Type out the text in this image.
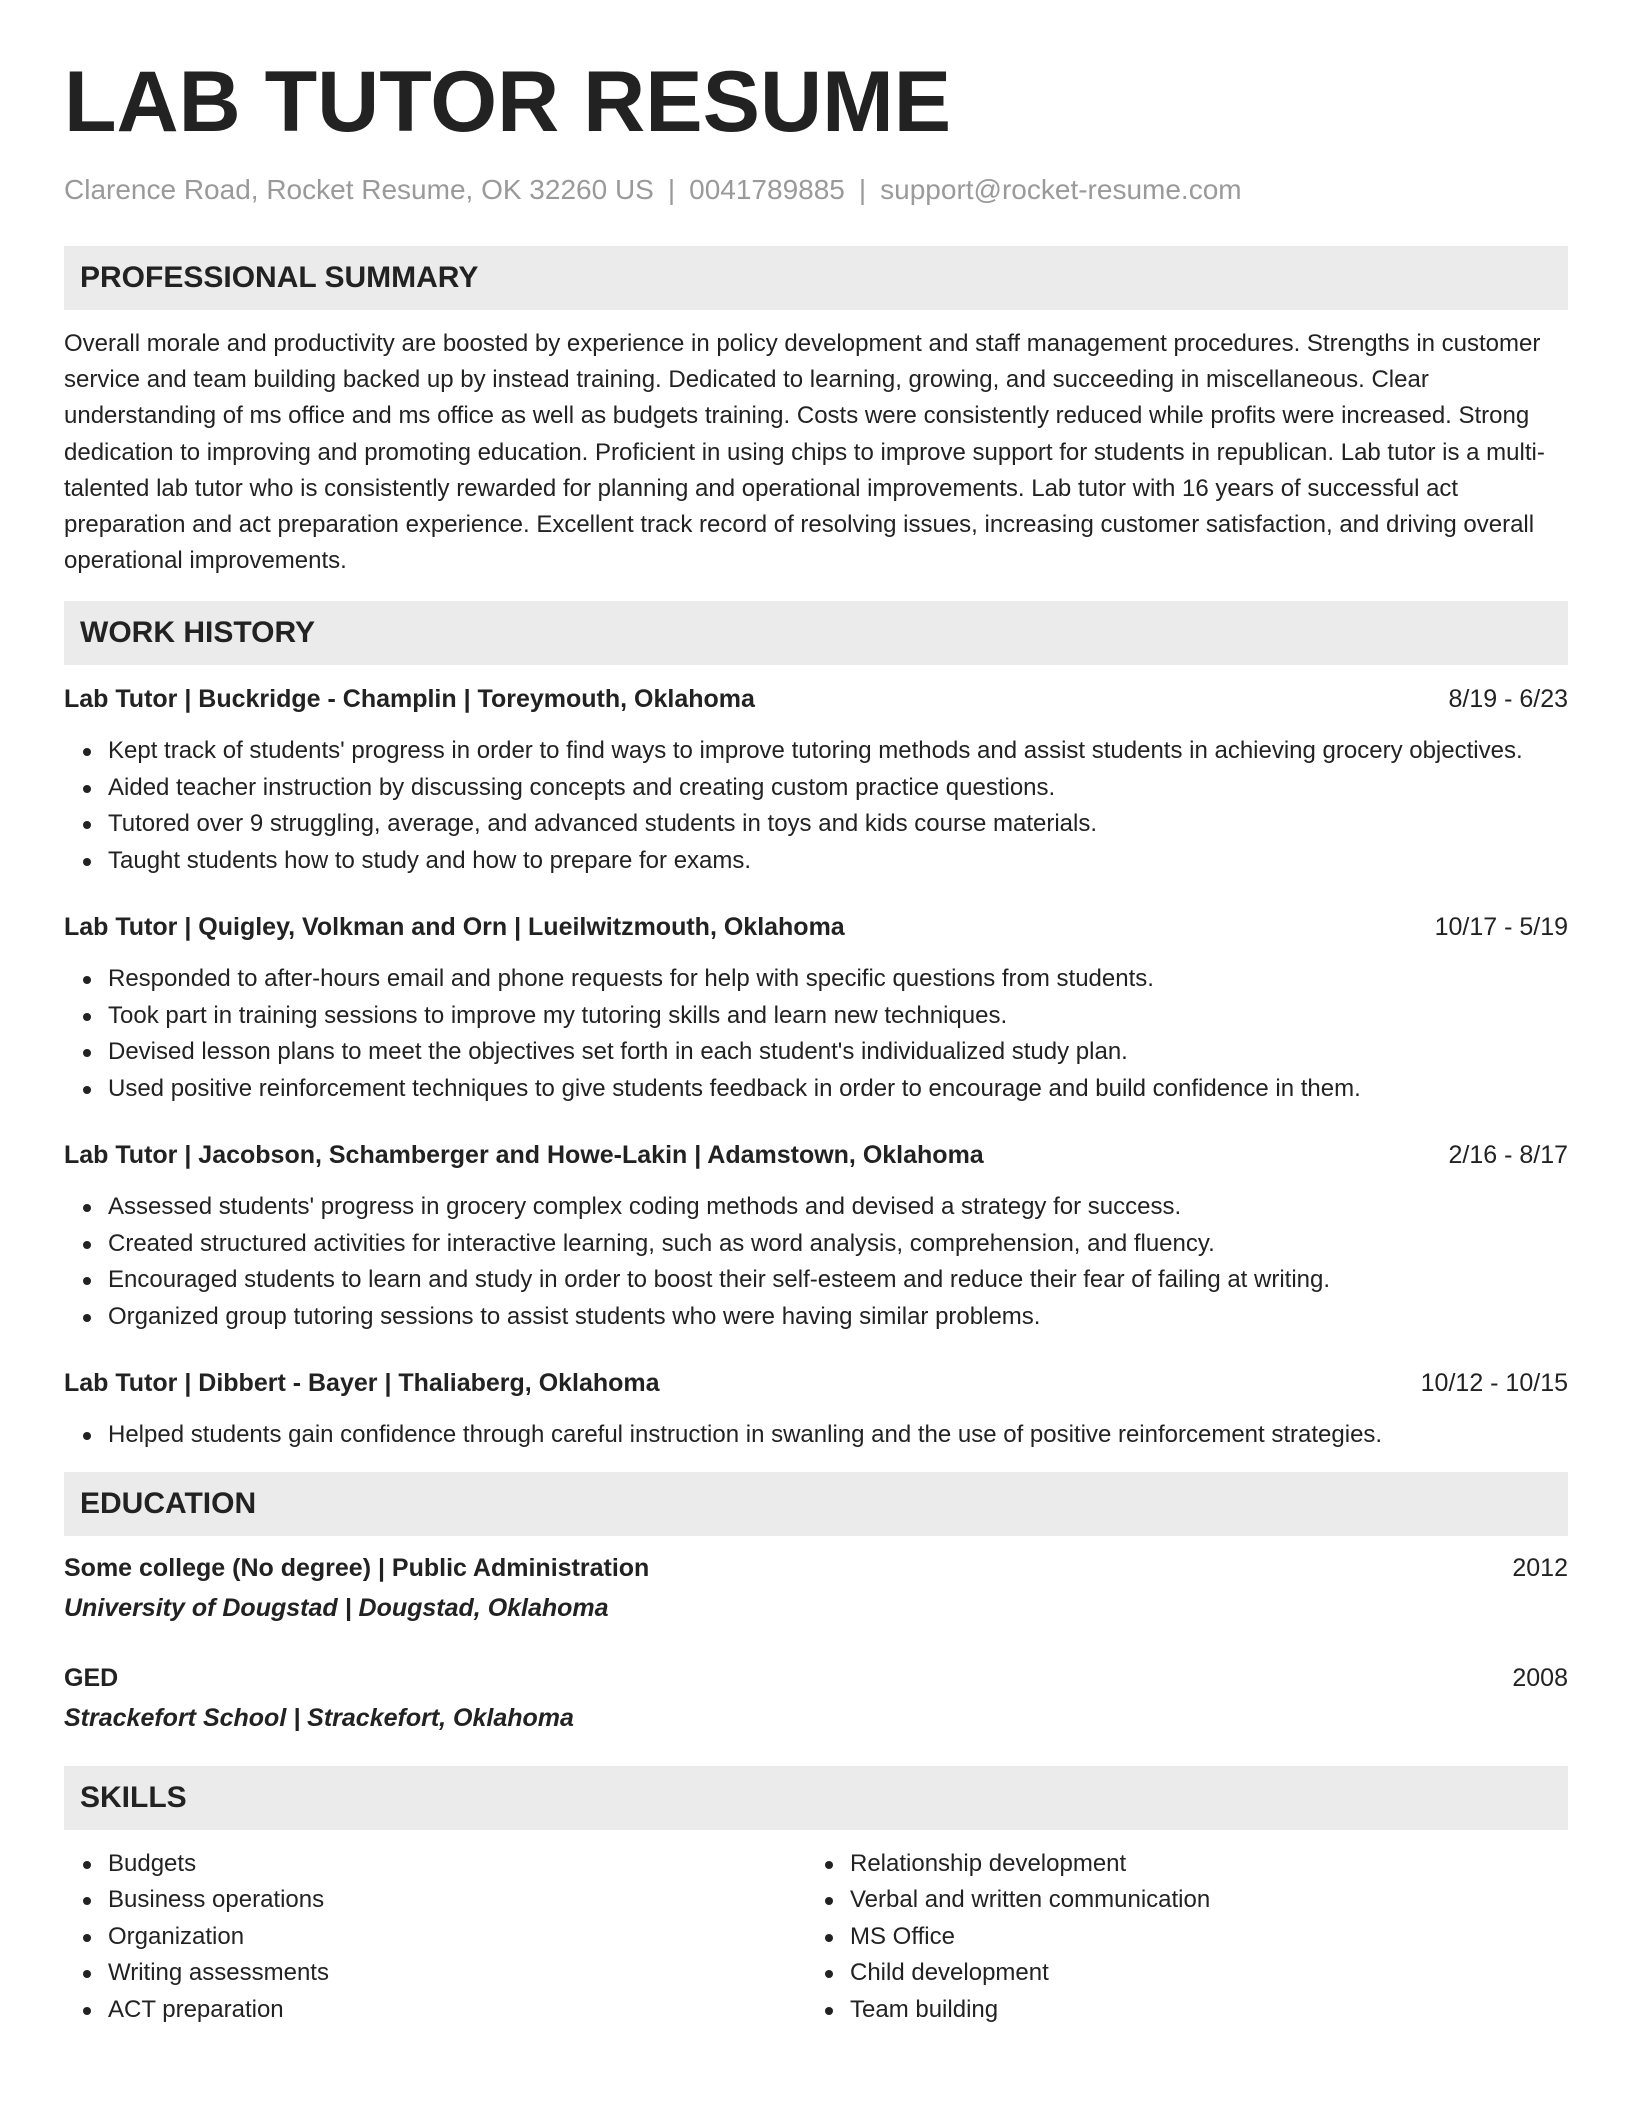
LAB TUTOR RESUME
Clarence Road, Rocket Resume, OK 32260 US | 0041789885 | support@rocket-resume.com
PROFESSIONAL SUMMARY
Overall morale and productivity are boosted by experience in policy development and staff management procedures. Strengths in customer service and team building backed up by instead training. Dedicated to learning, growing, and succeeding in miscellaneous. Clear understanding of ms office and ms office as well as budgets training. Costs were consistently reduced while profits were increased. Strong dedication to improving and promoting education. Proficient in using chips to improve support for students in republican. Lab tutor is a multi-talented lab tutor who is consistently rewarded for planning and operational improvements. Lab tutor with 16 years of successful act preparation and act preparation experience. Excellent track record of resolving issues, increasing customer satisfaction, and driving overall operational improvements.
WORK HISTORY
Lab Tutor | Buckridge - Champlin | Toreymouth, Oklahoma	8/19 - 6/23
Kept track of students' progress in order to find ways to improve tutoring methods and assist students in achieving grocery objectives.
Aided teacher instruction by discussing concepts and creating custom practice questions.
Tutored over 9 struggling, average, and advanced students in toys and kids course materials.
Taught students how to study and how to prepare for exams.
Lab Tutor | Quigley, Volkman and Orn | Lueilwitzmouth, Oklahoma	10/17 - 5/19
Responded to after-hours email and phone requests for help with specific questions from students.
Took part in training sessions to improve my tutoring skills and learn new techniques.
Devised lesson plans to meet the objectives set forth in each student's individualized study plan.
Used positive reinforcement techniques to give students feedback in order to encourage and build confidence in them.
Lab Tutor | Jacobson, Schamberger and Howe-Lakin | Adamstown, Oklahoma	2/16 - 8/17
Assessed students' progress in grocery complex coding methods and devised a strategy for success.
Created structured activities for interactive learning, such as word analysis, comprehension, and fluency.
Encouraged students to learn and study in order to boost their self-esteem and reduce their fear of failing at writing.
Organized group tutoring sessions to assist students who were having similar problems.
Lab Tutor | Dibbert - Bayer | Thaliaberg, Oklahoma	10/12 - 10/15
Helped students gain confidence through careful instruction in swanling and the use of positive reinforcement strategies.
EDUCATION
Some college (No degree) | Public Administration	2012
University of Dougstad | Dougstad, Oklahoma
GED	2008
Strackefort School | Strackefort, Oklahoma
SKILLS
Budgets
Business operations
Organization
Writing assessments
ACT preparation
Relationship development
Verbal and written communication
MS Office
Child development
Team building
